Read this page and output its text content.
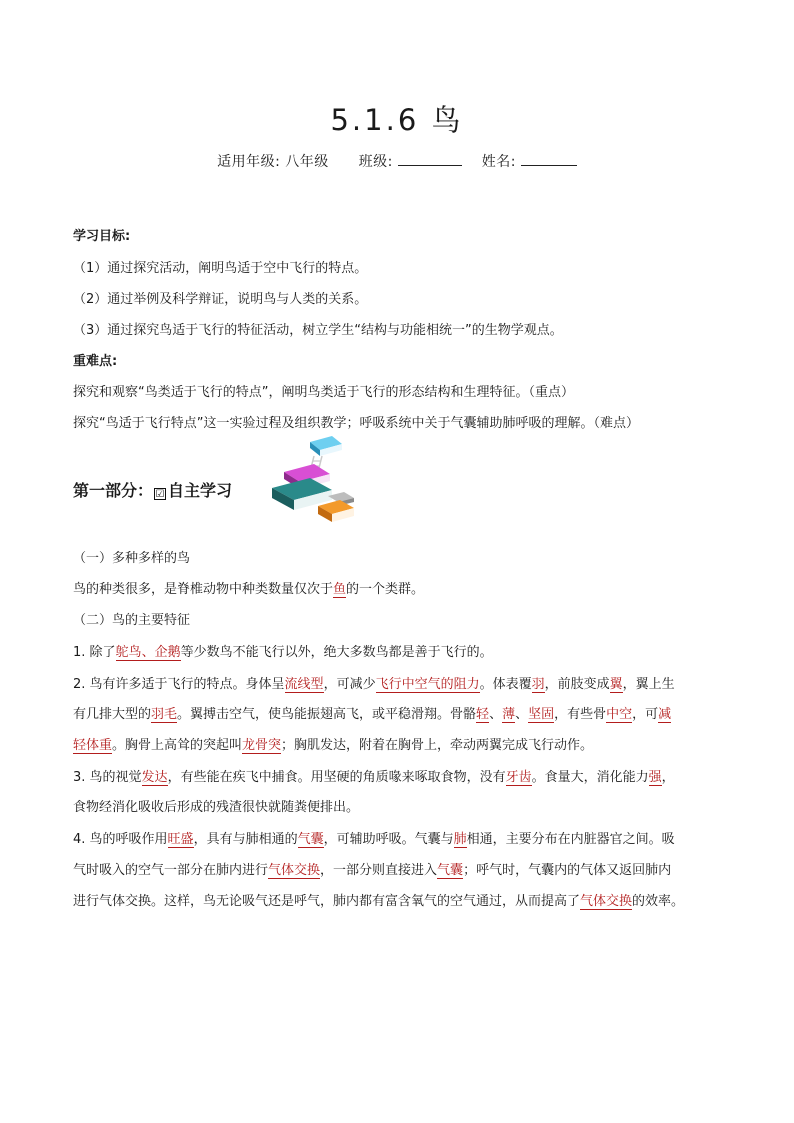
5.1.6 鸟
适用年级: 八年级 班级:	姓名:
学习目标:
（1）通过探究活动，阐明鸟适于空中飞行的特点。
（2）通过举例及科学辩证，说明鸟与人类的关系。
（3）通过探究鸟适于飞行的特征活动，树立学生“结构与功能相统一”的生物学观点。
重难点:
探究和观察“鸟类适于飞行的特点”，阐明鸟类适于飞行的形态结构和生理特征。（重点）
探究“鸟适于飞行特点”这一实验过程及组织教学；呼吸系统中关于气囊辅助肺呼吸的理解。（难点）
第一部分： ☑ 自主学习
（一）多种多样的鸟
鸟的种类很多，是脊椎动物中种类数量仅次于鱼的一个类群。
（二）鸟的主要特征
1. 除了鸵鸟、企鹅等少数鸟不能飞行以外，绝大多数鸟都是善于飞行的。
2. 鸟有许多适于飞行的特点。身体呈流线型，可减少飞行中空气的阻力。体表覆羽，前肢变成翼，翼上生
有几排大型的羽毛。翼搏击空气，使鸟能振翅高飞，或平稳滑翔。骨骼轻、薄、坚固，有些骨中空，可减
轻体重。胸骨上高耸的突起叫龙骨突；胸肌发达，附着在胸骨上，牵动两翼完成飞行动作。
3. 鸟的视觉发达，有些能在疾飞中捕食。用坚硬的角质喙来啄取食物，没有牙齿。食量大，消化能力强，
食物经消化吸收后形成的残渣很快就随粪便排出。
4. 鸟的呼吸作用旺盛，具有与肺相通的气囊，可辅助呼吸。气囊与肺相通，主要分布在内脏器官之间。吸
气时吸入的空气一部分在肺内进行气体交换，一部分则直接进入气囊；呼气时，气囊内的气体又返回肺内
进行气体交换。这样，鸟无论吸气还是呼气，肺内都有富含氧气的空气通过，从而提高了气体交换的效率。
